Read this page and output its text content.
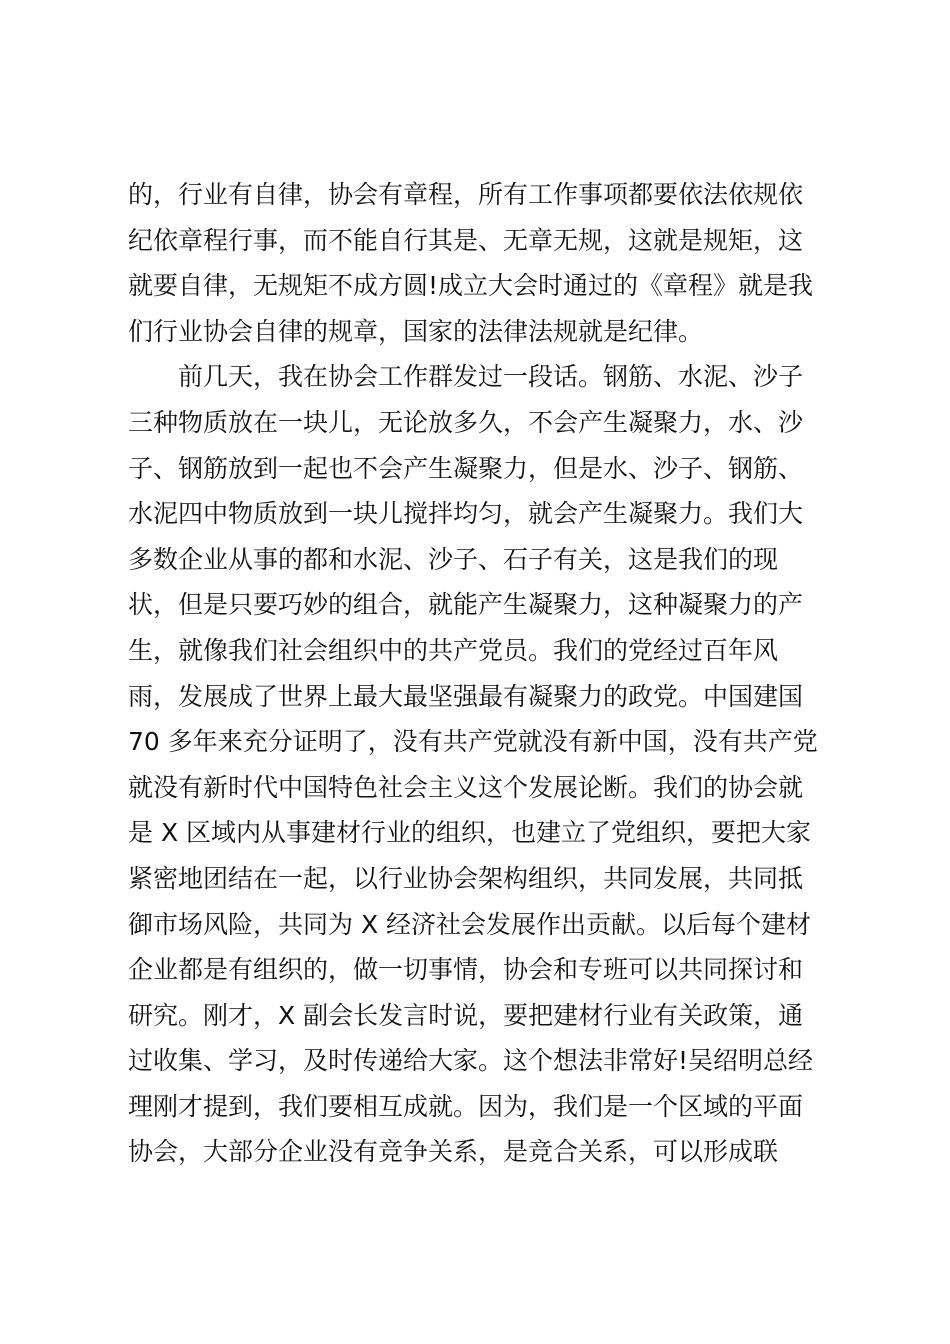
的，行业有自律，协会有章程，所有工作事项都要依法依规依
纪依章程行事，而不能自行其是、无章无规，这就是规矩，这
就要自律，无规矩不成方圆!成立大会时通过的《章程》就是我
们行业协会自律的规章，国家的法律法规就是纪律。
前几天，我在协会工作群发过一段话。钢筋、水泥、沙子
三种物质放在一块儿，无论放多久，不会产生凝聚力，水、沙
子、钢筋放到一起也不会产生凝聚力，但是水、沙子、钢筋、
水泥四中物质放到一块儿搅拌均匀，就会产生凝聚力。我们大
多数企业从事的都和水泥、沙子、石子有关，这是我们的现
状，但是只要巧妙的组合，就能产生凝聚力，这种凝聚力的产
生，就像我们社会组织中的共产党员。我们的党经过百年风
雨，发展成了世界上最大最坚强最有凝聚力的政党。中国建国
70 多年来充分证明了，没有共产党就没有新中国，没有共产党
就没有新时代中国特色社会主义这个发展论断。我们的协会就
是 X 区域内从事建材行业的组织，也建立了党组织，要把大家
紧密地团结在一起，以行业协会架构组织，共同发展，共同抵
御市场风险，共同为 X 经济社会发展作出贡献。以后每个建材
企业都是有组织的，做一切事情，协会和专班可以共同探讨和
研究。刚才，X 副会长发言时说，要把建材行业有关政策，通
过收集、学习，及时传递给大家。这个想法非常好!吴绍明总经
理刚才提到，我们要相互成就。因为，我们是一个区域的平面
协会，大部分企业没有竞争关系，是竞合关系，可以形成联
